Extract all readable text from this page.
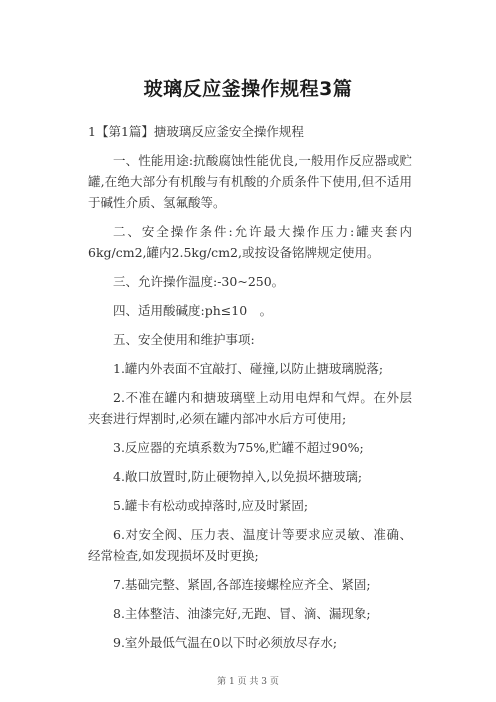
玻璃反应釜操作规程3篇

1【第1篇】搪玻璃反应釜安全操作规程

一、性能用途:抗酸腐蚀性能优良,一般用作反应器或贮罐,在绝大部分有机酸与有机酸的介质条件下使用,但不适用于碱性介质、氢氟酸等。

二、安全操作条件:允许最大操作压力:罐夹套内　6kg/cm2,罐内2.5kg/cm2,或按设备铭牌规定使用。

三、允许操作温度:-30~250。

四、适用酸碱度:ph≤10　。

五、安全使用和维护事项:

1.罐内外表面不宜敲打、碰撞,以防止搪玻璃脱落;

2.不准在罐内和搪玻璃壁上动用电焊和气焊。在外层夹套进行焊割时,必须在罐内部冲水后方可使用;

3.反应器的充填系数为75%,贮罐不超过90%;

4.敞口放置时,防止硬物掉入,以免损坏搪玻璃;

5.罐卡有松动或掉落时,应及时紧固;

6.对安全阀、压力表、温度计等要求应灵敏、准确、经常检查,如发现损坏及时更换;

7.基础完整、紧固,各部连接螺栓应齐全、紧固;

8.主体整洁、油漆完好,无跑、冒、滴、漏现象;

9.室外最低气温在0以下时必须放尽存水;

第 1 页 共 3 页
